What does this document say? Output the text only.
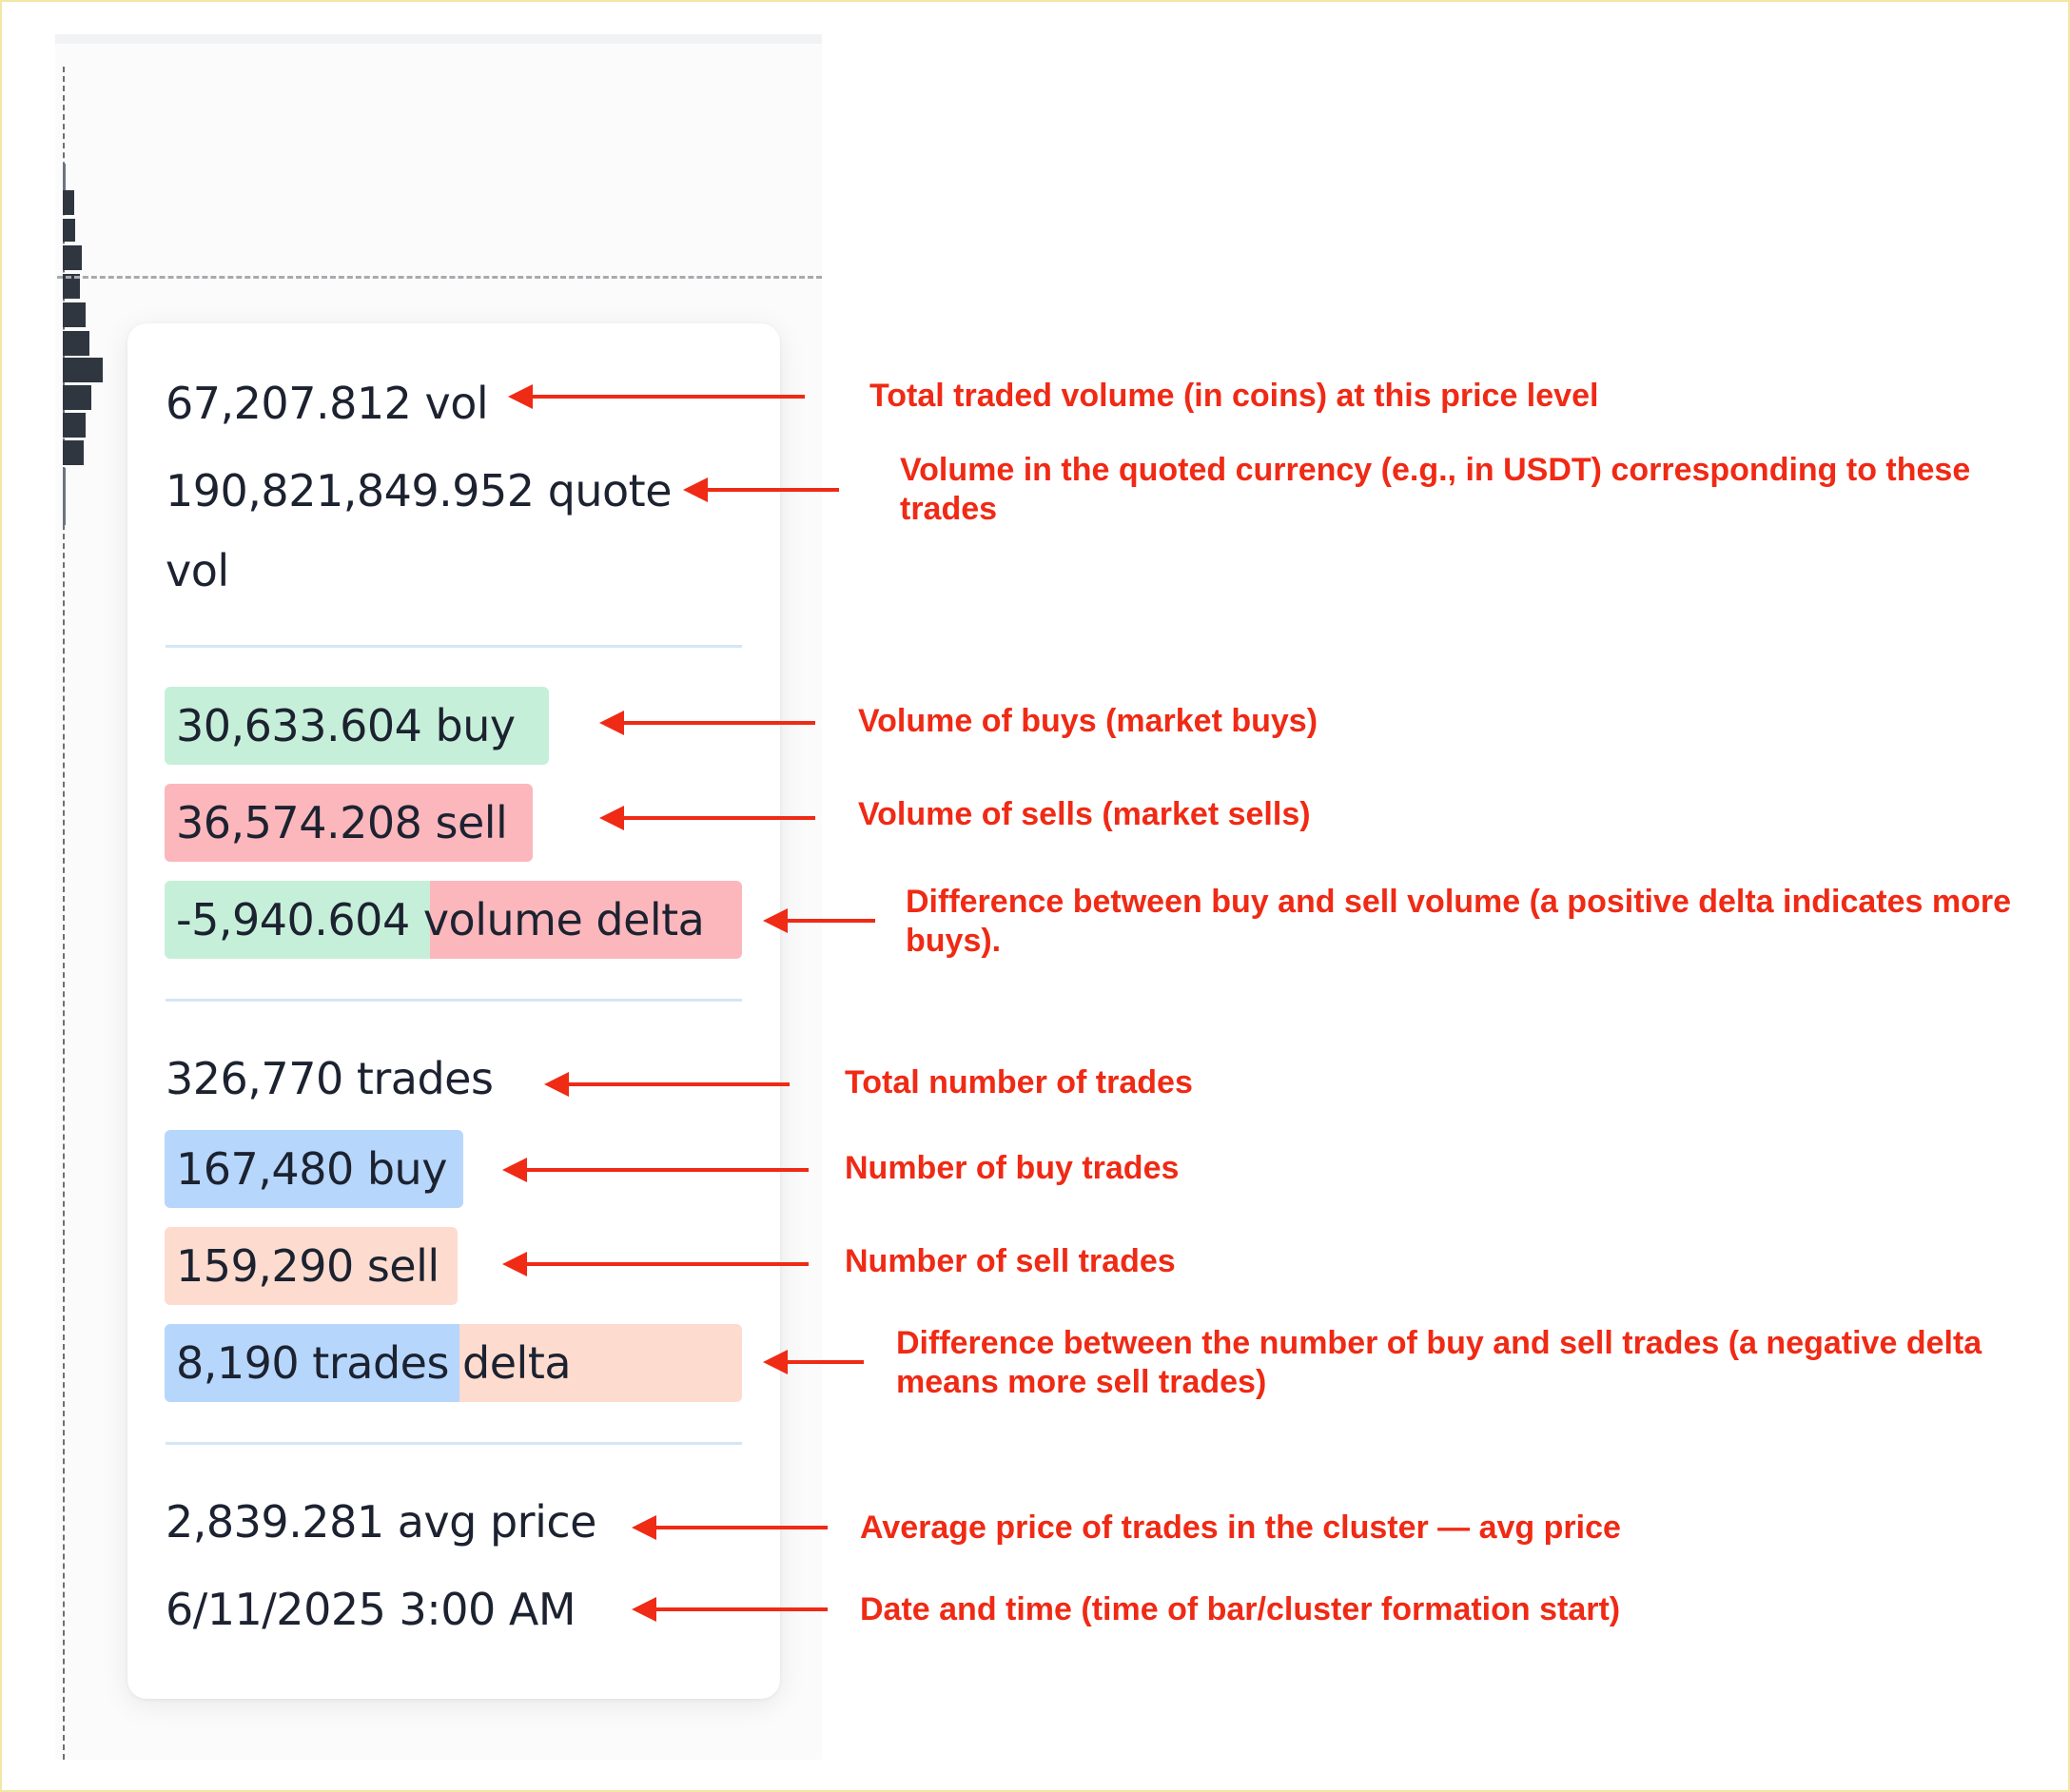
67,207.812 vol
190,821,849.952 quote
vol
30,633.604 buy
36,574.208 sell
-5,940.604 volume delta
326,770 trades
167,480 buy
159,290 sell
8,190 trades delta
2,839.281 avg price
6/11/2025 3:00 AM
Total traded volume (in coins) at this price level
Volume in the quoted currency (e.g., in USDT) corresponding to these trades
Volume of buys (market buys)
Volume of sells (market sells)
Difference between buy and sell volume (a positive delta indicates more buys).
Total number of trades
Number of buy trades
Number of sell trades
Difference between the number of buy and sell trades (a negative delta means more sell trades)
Average price of trades in the cluster — avg price
Date and time (time of bar/cluster formation start)
